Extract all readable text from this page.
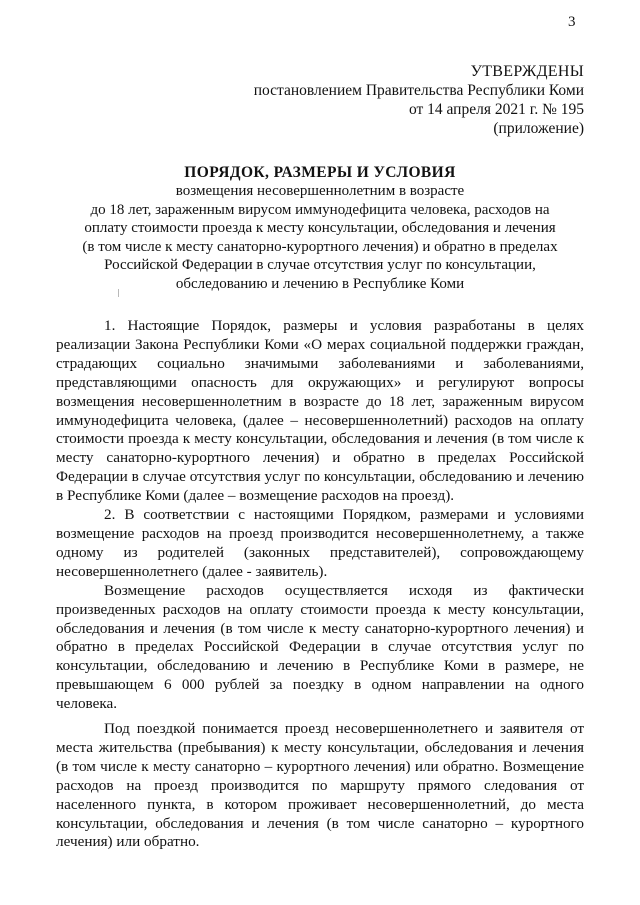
3
УТВЕРЖДЕНЫ
постановлением Правительства Республики Коми
от 14 апреля 2021 г. № 195
(приложение)
ПОРЯДОК, РАЗМЕРЫ И УСЛОВИЯ
возмещения несовершеннолетним в возрасте
до 18 лет, зараженным вирусом иммунодефицита человека, расходов на
оплату стоимости проезда к месту консультации, обследования и лечения
(в том числе к месту санаторно-курортного лечения) и обратно в пределах
Российской Федерации в случае отсутствия услуг по консультации,
обследованию и лечению в Республике Коми

1. Настоящие Порядок, размеры и условия разработаны в целях реализации Закона Республики Коми «О мерах социальной поддержки граждан, страдающих социально значимыми заболеваниями и заболеваниями, представляющими опасность для окружающих» и регулируют вопросы возмещения несовершеннолетним в возрасте до 18 лет, зараженным вирусом иммунодефицита человека, (далее – несовершеннолетний) расходов на оплату стоимости проезда к месту консультации, обследования и лечения (в том числе к месту санаторно-курортного лечения) и обратно в пределах Российской Федерации в случае отсутствия услуг по консультации, обследованию и лечению в Республике Коми (далее – возмещение расходов на проезд).

2. В соответствии с настоящими Порядком, размерами и условиями возмещение расходов на проезд производится несовершеннолетнему, а также одному из родителей (законных представителей), сопровождающему несовершеннолетнего (далее - заявитель).

Возмещение расходов осуществляется исходя из фактически произведенных расходов на оплату стоимости проезда к месту консультации, обследования и лечения (в том числе к месту санаторно-курортного лечения) и обратно в пределах Российской Федерации в случае отсутствия услуг по консультации, обследованию и лечению в Республике Коми в размере, не превышающем 6 000 рублей за поездку в одном направлении на одного человека.

Под поездкой понимается проезд несовершеннолетнего и заявителя от места жительства (пребывания) к месту консультации, обследования и лечения (в том числе к месту санаторно – курортного лечения) или обратно. Возмещение расходов на проезд производится по маршруту прямого следования от населенного пункта, в котором проживает несовершеннолетний, до места консультации, обследования и лечения (в том числе санаторно – курортного лечения) или обратно.
